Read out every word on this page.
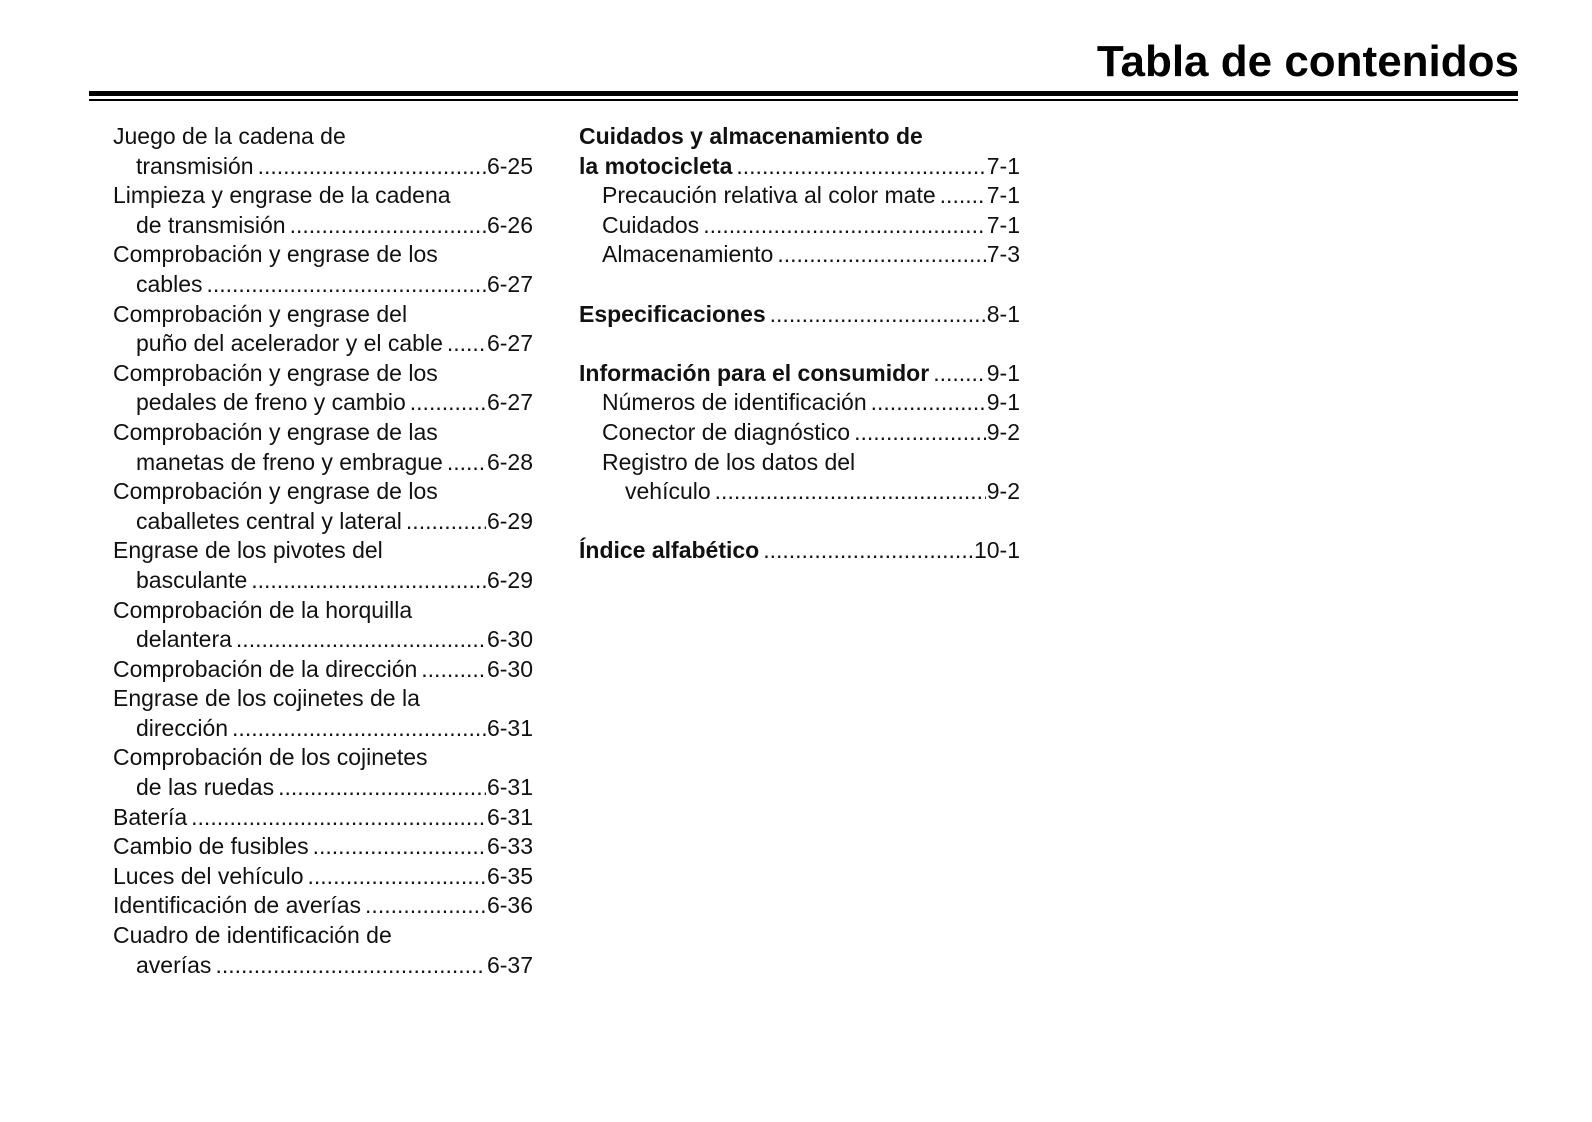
Tabla de contenidos
Juego de la cadena de
transmisión .....	6-25
Limpieza y engrase de la cadena
de transmisión .....	6-26
Comprobación y engrase de los
cables .....	6-27
Comprobación y engrase del
puño del acelerador y el cable ..... 6-27
Comprobación y engrase de los
pedales de freno y cambio .....	6-27
Comprobación y engrase de las
manetas de freno y embrague ..... 6-28
Comprobación y engrase de los
caballetes central y lateral .....	6-29
Engrase de los pivotes del
basculante .....	6-29
Comprobación de la horquilla
delantera .....	6-30
Comprobación de la dirección .....	6-30
Engrase de los cojinetes de la
dirección .....	6-31
Comprobación de los cojinetes
de las ruedas .....	6-31
Batería .....	6-31
Cambio de fusibles .....	6-33
Luces del vehículo .....	6-35
Identificación de averías .....	6-36
Cuadro de identificación de
averías .....	6-37
Cuidados y almacenamiento de
la motocicleta .....	7-1
Precaución relativa al color mate ..... 7-1
Cuidados .....	7-1
Almacenamiento .....	7-3
Especificaciones .....	8-1
Información para el consumidor .....	9-1
Números de identificación .....	9-1
Conector de diagnóstico .....	9-2
Registro de los datos del
vehículo .....	9-2
Índice alfabético .....	10-1
